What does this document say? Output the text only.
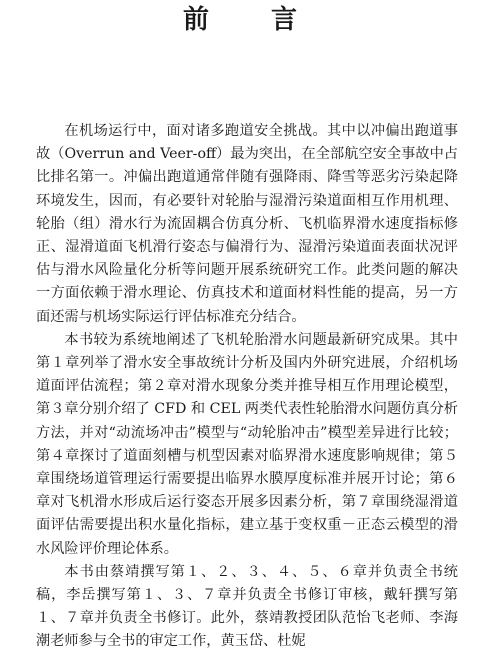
前　言

在机场运行中，面对诸多跑道安全挑战。其中以冲偏出跑道事故（Overrun and Veer-off）最为突出，在全部航空安全事故中占比排名第一。冲偏出跑道通常伴随有强降雨、降雪等恶劣污染起降环境发生，因而，有必要针对轮胎与湿滑污染道面相互作用机理、轮胎（组）滑水行为流固耦合仿真分析、飞机临界滑水速度指标修正、湿滑道面飞机滑行姿态与偏滑行为、湿滑污染道面表面状况评估与滑水风险量化分析等问题开展系统研究工作。此类问题的解决一方面依赖于滑水理论、仿真技术和道面材料性能的提高，另一方面还需与机场实际运行评估标准充分结合。

本书较为系统地阐述了飞机轮胎滑水问题最新研究成果。其中第１章列举了滑水安全事故统计分析及国内外研究进展，介绍机场道面评估流程；第２章对滑水现象分类并推导相互作用理论模型，第３章分别介绍了 CFD 和 CEL 两类代表性轮胎滑水问题仿真分析方法，并对“动流场冲击”模型与“动轮胎冲击”模型差异进行比较；第４章探讨了道面刻槽与机型因素对临界滑水速度影响规律；第５章围绕场道管理运行需要提出临界水膜厚度标准并展开讨论；第６章对飞机滑水形成后运行姿态开展多因素分析，第７章围绕湿滑道面评估需要提出积水量化指标，建立基于变权重－正态云模型的滑水风险评价理论体系。

本书由蔡靖撰写第１、２、３、４、５、６章并负责全书统稿，李岳撰写第１、３、７章并负责全书修订审核，戴轩撰写第１、７章并负责全书修订。此外，蔡靖教授团队范怡飞老师、李海潮老师参与全书的审定工作，黄玉岱、杜妮
